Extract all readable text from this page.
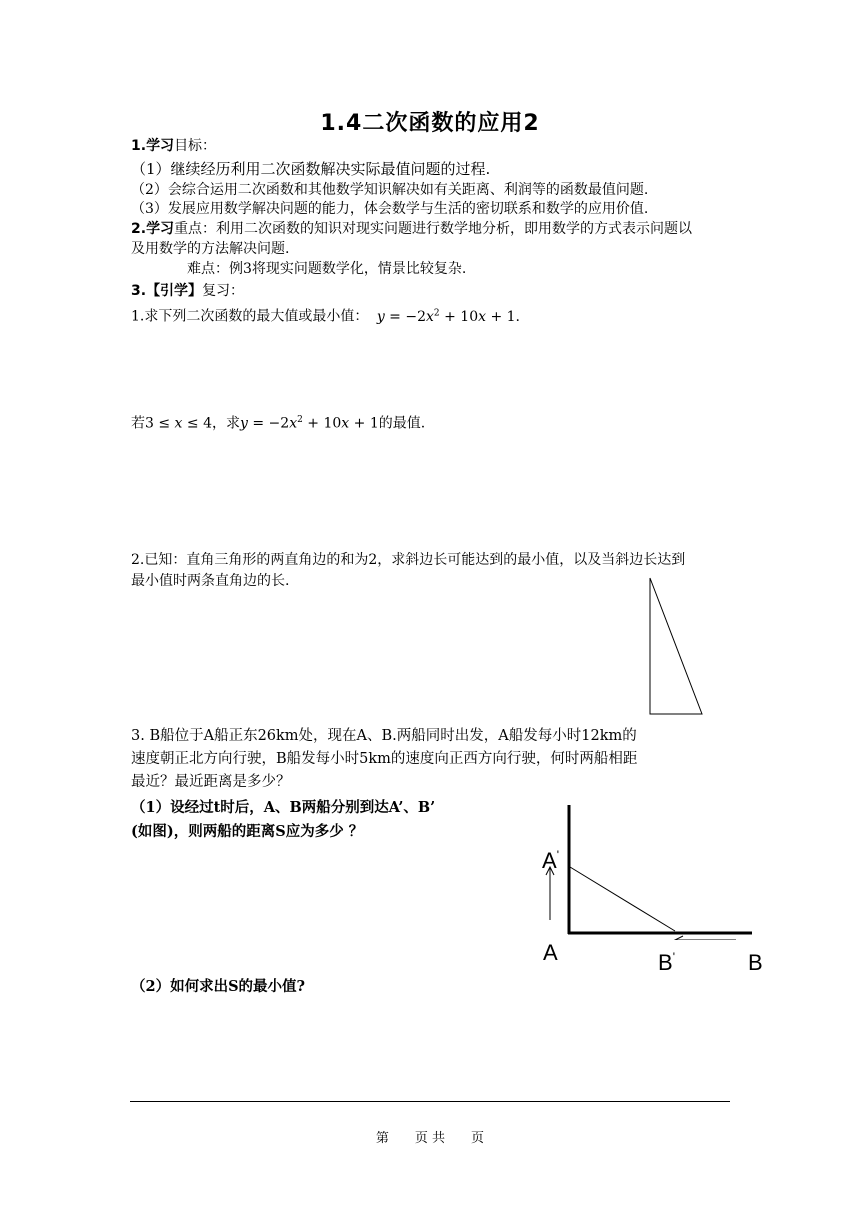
1.4二次函数的应用2
1.学习目标：
（1）继续经历利用二次函数解决实际最值问题的过程.
（2）会综合运用二次函数和其他数学知识解决如有关距离、利润等的函数最值问题.
（3）发展应用数学解决问题的能力，体会数学与生活的密切联系和数学的应用价值.
2.学习重点：利用二次函数的知识对现实问题进行数学地分析，即用数学的方式表示问题以
及用数学的方法解决问题.
难点：例3将现实问题数学化，情景比较复杂.
3.【引学】复习：
1.求下列二次函数的最大值或最小值： $y = -2x^2 + 10x + 1$.
若3 ≤ x ≤ 4，求$y = -2x^2 + 10x + 1$的最值.
2.已知：直角三角形的两直角边的和为2，求斜边长可能达到的最小值，以及当斜边长达到
最小值时两条直角边的长.
3. B船位于A船正东26km处，现在A、B.两船同时出发，A船发每小时12km的
速度朝正北方向行驶，B船发每小时5km的速度向正西方向行驶，何时两船相距
最近？最近距离是多少？
（1）设经过t时后，A、B两船分别到达A’、B’
(如图)，则两船的距离S应为多少 ？
（2）如何求出S的最小值?
A'
A	B'	B
第　　页 共　　页
